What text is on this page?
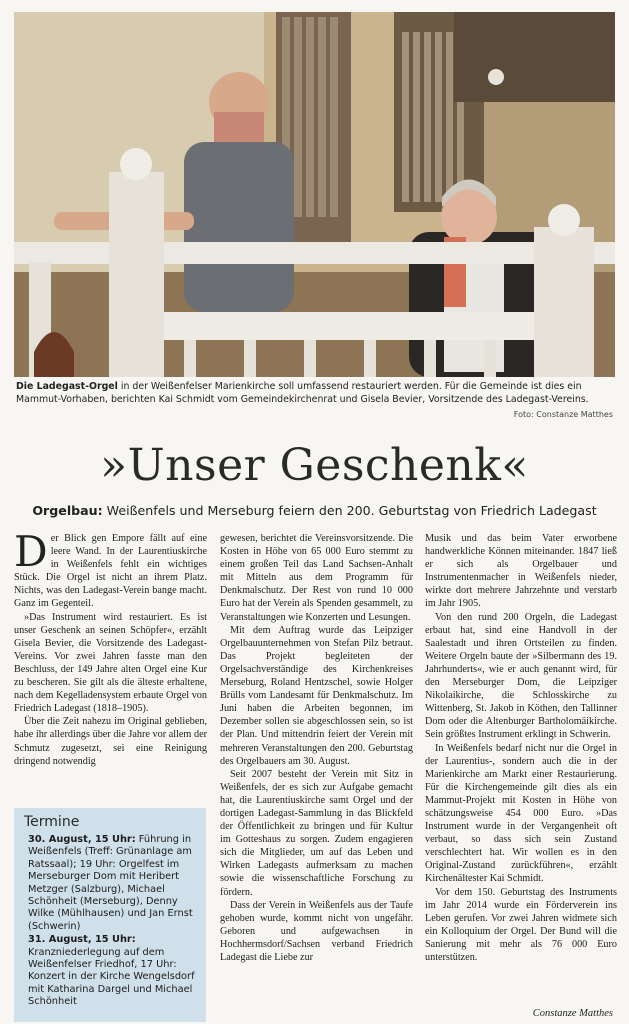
Die Ladegast-Orgel in der Weißenfelser Marienkirche soll umfassend restauriert werden. Für die Gemeinde ist dies ein Mammut-Vorhaben, berichten Kai Schmidt vom Gemeindekirchenrat und Gisela Bevier, Vorsitzende des Ladegast-Vereins.
Foto: Constanze Matthes
»Unser Geschenk«
Orgelbau: Weißenfels und Merseburg feiern den 200. Geburtstag von Friedrich Ladegast

Der Blick gen Empore fällt auf eine leere Wand. In der Laurentiuskirche in Weißenfels fehlt ein wichtiges Stück. Die Orgel ist nicht an ihrem Platz. Nichts, was den Ladegast-Verein bange macht. Ganz im Gegenteil.

»Das Instrument wird restauriert. Es ist unser Geschenk an seinen Schöpfer«, erzählt Gisela Bevier, die Vorsitzende des Ladegast-Vereins. Vor zwei Jahren fasste man den Beschluss, der 149 Jahre alten Orgel eine Kur zu bescheren. Sie gilt als die älteste erhaltene, nach dem Kegelladensystem erbaute Orgel von Friedrich Ladegast (1818–1905).

Über die Zeit nahezu im Original geblieben, habe ihr allerdings über die Jahre vor allem der Schmutz zugesetzt, sei eine Reinigung dringend notwendig

Termine

30. August, 15 Uhr: Führung in Weißenfels (Treff: Grünanlage am Ratssaal); 19 Uhr: Orgelfest im Merseburger Dom mit Heribert Metzger (Salzburg), Michael Schönheit (Merseburg), Denny Wilke (Mühlhausen) und Jan Ernst (Schwerin)

31. August, 15 Uhr: Kranzniederlegung auf dem Weißenfelser Friedhof, 17 Uhr: Konzert in der Kirche Wengelsdorf mit Katharina Dargel und Michael Schönheit

gewesen, berichtet die Vereinsvorsitzende. Die Kosten in Höhe von 65 000 Euro stemmt zu einem großen Teil das Land Sachsen-Anhalt mit Mitteln aus dem Programm für Denkmalschutz. Der Rest von rund 10 000 Euro hat der Verein als Spenden gesammelt, zu Veranstaltungen wie Konzerten und Lesungen.

Mit dem Auftrag wurde das Leipziger Orgelbauunternehmen von Stefan Pilz betraut. Das Projekt begleiteten der Orgelsachverständige des Kirchenkreises Merseburg, Roland Hentzschel, sowie Holger Brülls vom Landesamt für Denkmalschutz. Im Juni haben die Arbeiten begonnen, im Dezember sollen sie abgeschlossen sein, so ist der Plan. Und mittendrin feiert der Verein mit mehreren Veranstaltungen den 200. Geburtstag des Orgelbauers am 30. August.

Seit 2007 besteht der Verein mit Sitz in Weißenfels, der es sich zur Aufgabe gemacht hat, die Laurentiuskirche samt Orgel und der dortigen Ladegast-Sammlung in das Blickfeld der Öffentlichkeit zu bringen und für Kultur im Gotteshaus zu sorgen. Zudem engagieren sich die Mitglieder, um auf das Leben und Wirken Ladegasts aufmerksam zu machen sowie die wissenschaftliche Forschung zu fördern.

Dass der Verein in Weißenfels aus der Taufe gehoben wurde, kommt nicht von ungefähr. Geboren und aufgewachsen in Hochhermsdorf/Sachsen verband Friedrich Ladegast die Liebe zur

Musik und das beim Vater erworbene handwerkliche Können miteinander. 1847 ließ er sich als Orgelbauer und Instrumentenmacher in Weißenfels nieder, wirkte dort mehrere Jahrzehnte und verstarb im Jahr 1905.

Von den rund 200 Orgeln, die Ladegast erbaut hat, sind eine Handvoll in der Saalestadt und ihren Ortsteilen zu finden. Weitere Orgeln baute der »Silbermann des 19. Jahrhunderts«, wie er auch genannt wird, für den Merseburger Dom, die Leipziger Nikolaikirche, die Schlosskirche zu Wittenberg, St. Jakob in Köthen, den Tallinner Dom oder die Altenburger Bartholomäikirche. Sein größtes Instrument erklingt in Schwerin.

In Weißenfels bedarf nicht nur die Orgel in der Laurentius-, sondern auch die in der Marienkirche am Markt einer Restaurierung. Für die Kirchengemeinde gilt dies als ein Mammut-Projekt mit Kosten in Höhe von schätzungsweise 454 000 Euro. »Das Instrument wurde in der Vergangenheit oft verbaut, so dass sich sein Zustand verschlechtert hat. Wir wollen es in den Original-Zustand zurückführen«, erzählt Kirchenältester Kai Schmidt.

Vor dem 150. Geburtstag des Instruments im Jahr 2014 wurde ein Förderverein ins Leben gerufen. Vor zwei Jahren widmete sich ein Kolloquium der Orgel. Der Bund will die Sanierung mit mehr als 76 000 Euro unterstützen.

Constanze Matthes
